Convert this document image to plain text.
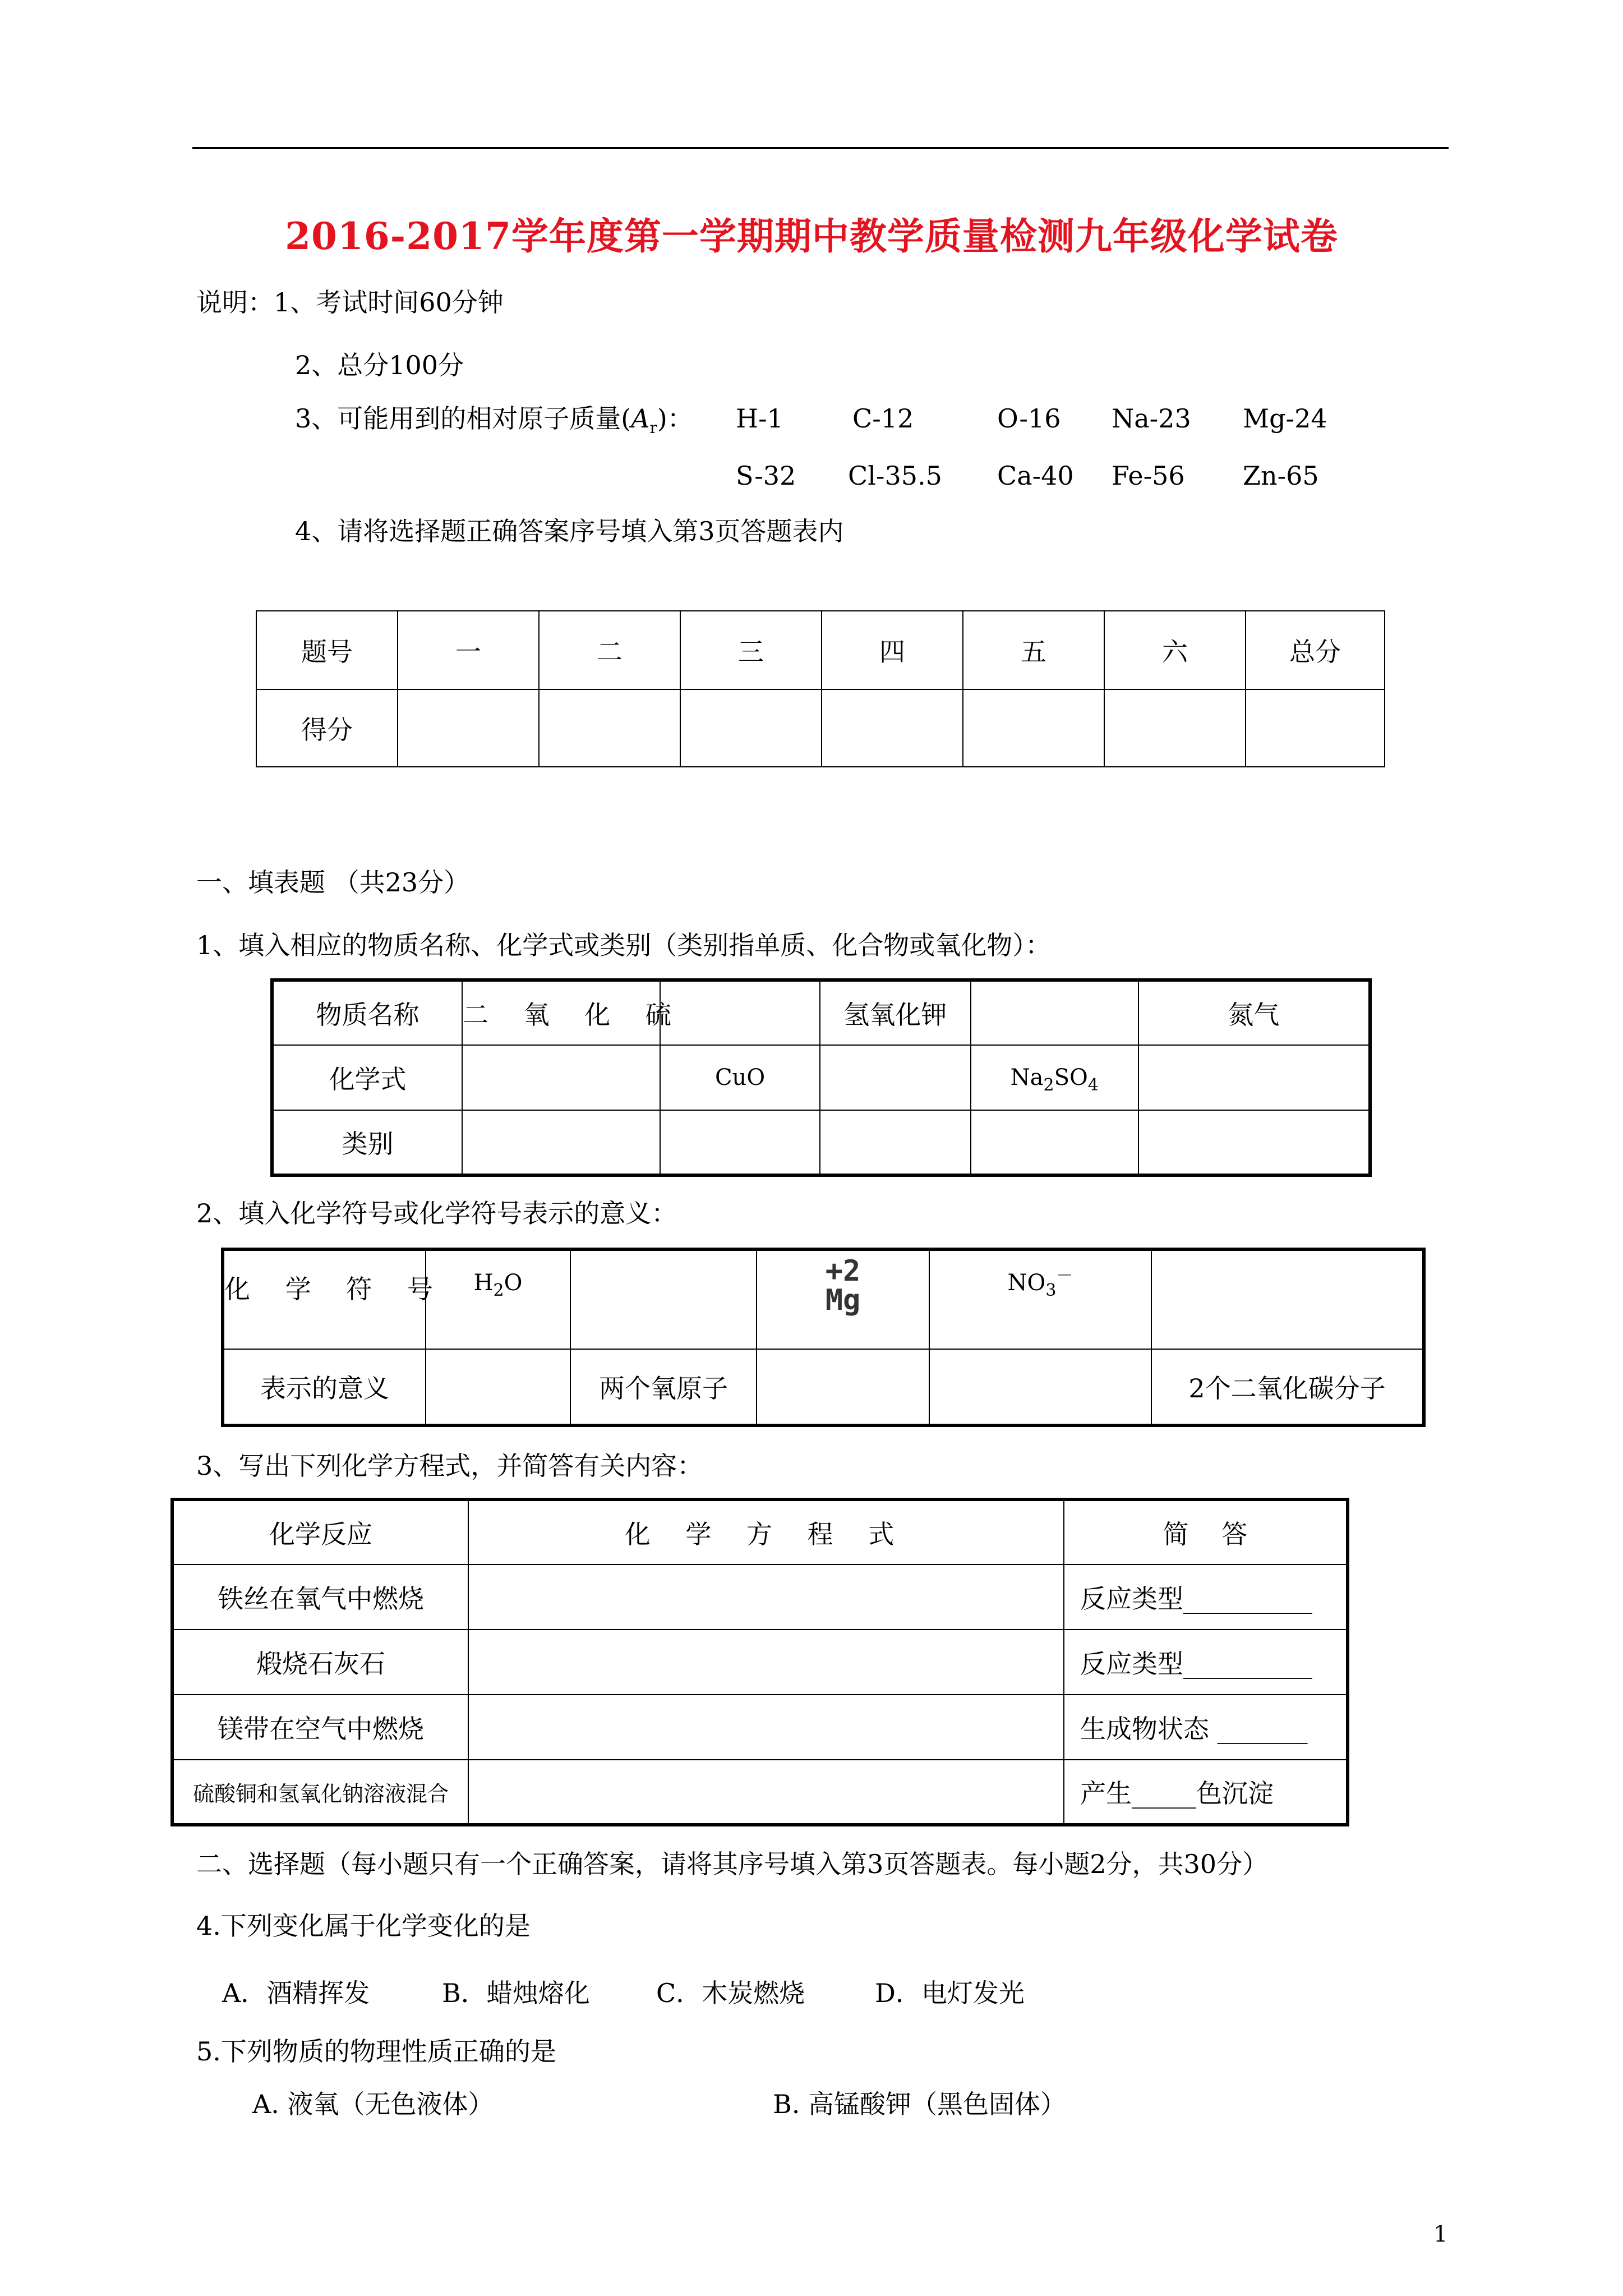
2016-2017学年度第一学期期中教学质量检测九年级化学试卷
说明：1、考试时间60分钟
2、总分100分
3、可能用到的相对原子质量$(A_r)$： H-1	C-12	O-16 Na-23 Mg-24
S-32 Cl-35.5 Ca-40 Fe-56 Zn-65
4、请将选择题正确答案序号填入第3页答题表内
题号	一	二	三	四	五	六	总分
得分							
一、填表题 （共23分）
1、填入相应的物质名称、化学式或类别（类别指单质、化合物或氧化物）：
物质名称	二 氧 化 硫		氢氧化钾		氮气
化学式		CuO		$Na_2SO_4$	
类别					
2、填入化学符号或化学符号表示的意义：
化 学 符 号	$H_2O$		+2
Mg	$NO_3^-$	
表示的意义		两个氧原子			2个二氧化碳分子
3、写出下列化学方程式，并简答有关内容：
化学反应	化 学 方 程 式	简    答
铁丝在氧气中燃烧		反应类型__________
煅烧石灰石		反应类型__________
镁带在空气中燃烧		生成物状态 _______
硫酸铜和氢氧化钠溶液混合		产生_____色沉淀
二、选择题（每小题只有一个正确答案，请将其序号填入第3页答题表。每小题2分，共30分）
4.下列变化属于化学变化的是
A．酒精挥发	B．蜡烛熔化	C．木炭燃烧	D．电灯发光
5.下列物质的物理性质正确的是
A. 液氧（无色液体）	B. 高锰酸钾（黑色固体）
1
